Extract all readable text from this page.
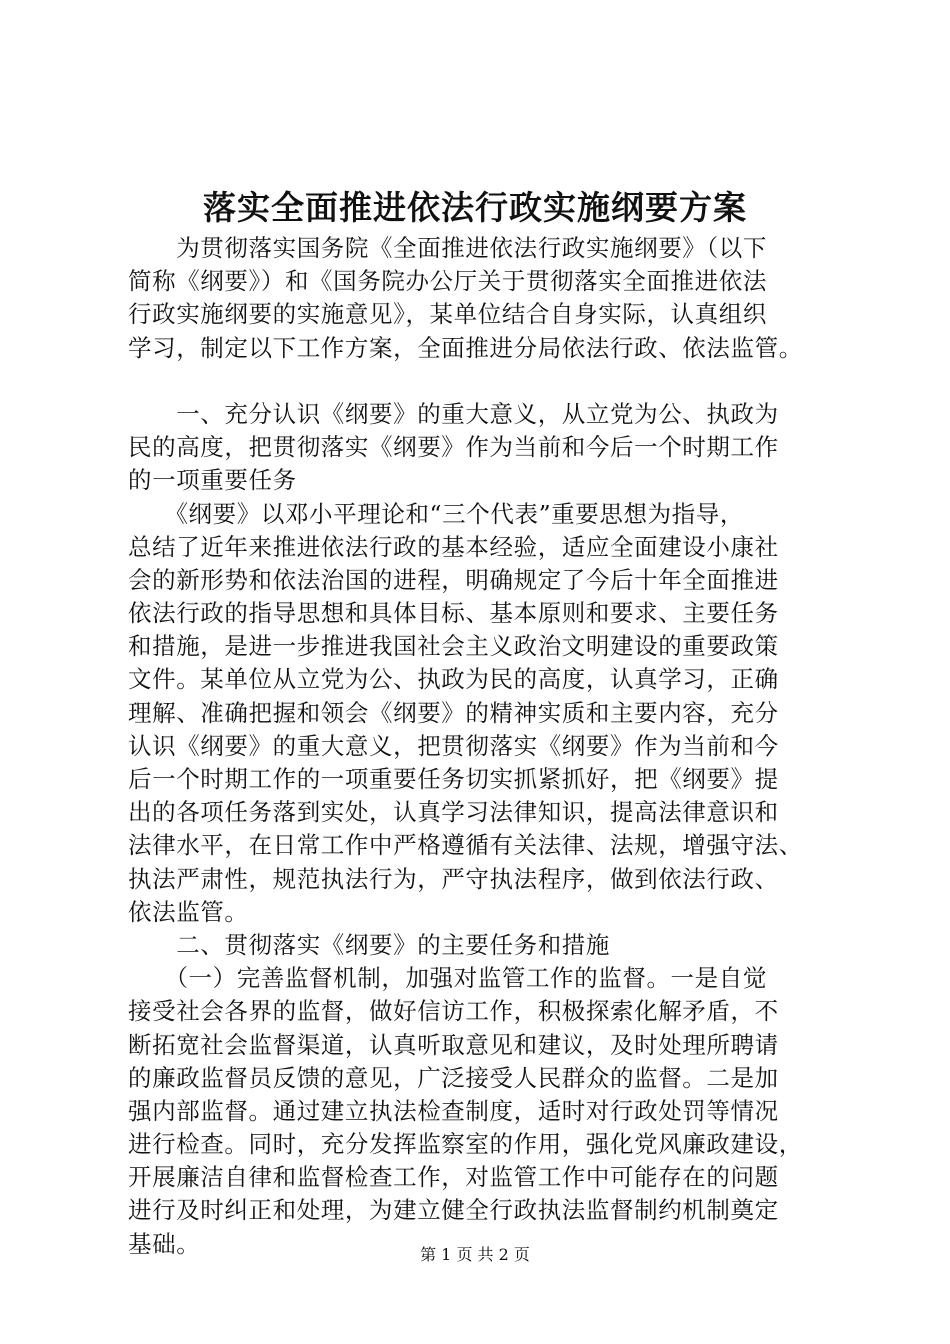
落实全面推进依法行政实施纲要方案
　　为贯彻落实国务院《全面推进依法行政实施纲要》（以下
简称《纲要》）和《国务院办公厅关于贯彻落实全面推进依法
行政实施纲要的实施意见》，某单位结合自身实际，认真组织
学习，制定以下工作方案，全面推进分局依法行政、依法监管。
　　一、充分认识《纲要》的重大意义，从立党为公、执政为
民的高度，把贯彻落实《纲要》作为当前和今后一个时期工作
的一项重要任务
　　《纲要》以邓小平理论和“三个代表”重要思想为指导，
总结了近年来推进依法行政的基本经验，适应全面建设小康社
会的新形势和依法治国的进程，明确规定了今后十年全面推进
依法行政的指导思想和具体目标、基本原则和要求、主要任务
和措施，是进一步推进我国社会主义政治文明建设的重要政策
文件。某单位从立党为公、执政为民的高度，认真学习，正确
理解、准确把握和领会《纲要》的精神实质和主要内容，充分
认识《纲要》的重大意义，把贯彻落实《纲要》作为当前和今
后一个时期工作的一项重要任务切实抓紧抓好，把《纲要》提
出的各项任务落到实处，认真学习法律知识，提高法律意识和
法律水平，在日常工作中严格遵循有关法律、法规，增强守法、
执法严肃性，规范执法行为，严守执法程序，做到依法行政、
依法监管。
　　二、贯彻落实《纲要》的主要任务和措施
　　（一）完善监督机制，加强对监管工作的监督。一是自觉
接受社会各界的监督，做好信访工作，积极探索化解矛盾，不
断拓宽社会监督渠道，认真听取意见和建议，及时处理所聘请
的廉政监督员反馈的意见，广泛接受人民群众的监督。二是加
强内部监督。通过建立执法检查制度，适时对行政处罚等情况
进行检查。同时，充分发挥监察室的作用，强化党风廉政建设，
开展廉洁自律和监督检查工作，对监管工作中可能存在的问题
进行及时纠正和处理，为建立健全行政执法监督制约机制奠定
基础。	第 1 页 共 2 页
